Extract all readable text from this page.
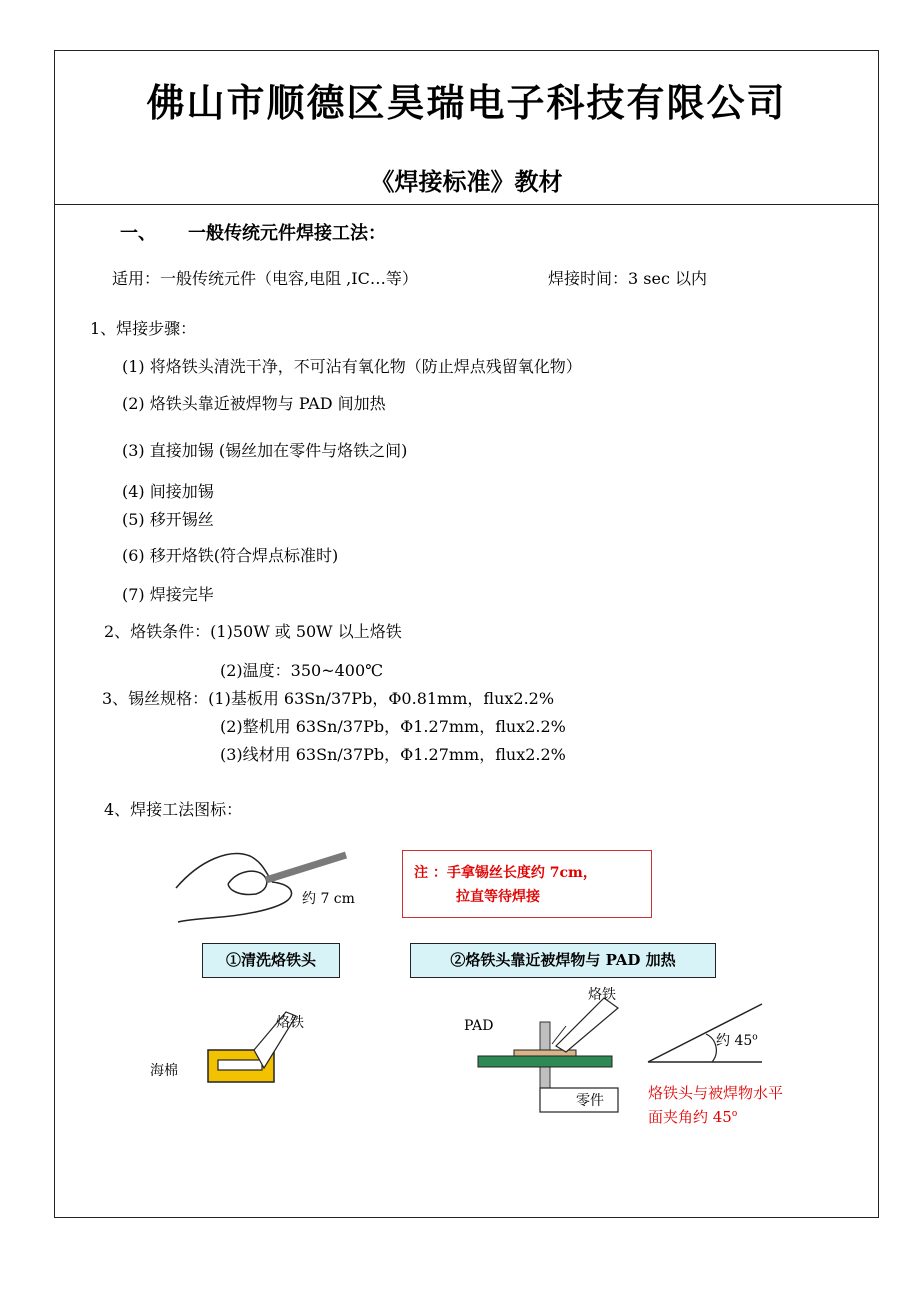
佛山市顺德区昊瑞电子科技有限公司
《焊接标准》教材
一、 一般传统元件焊接工法：
适用：一般传统元件（电容,电阻 ,IC…等）	焊接时间：3 sec 以内
1、焊接步骤：
(1) 将烙铁头清洗干净，不可沾有氧化物（防止焊点残留氧化物）
(2) 烙铁头靠近被焊物与 PAD 间加热
(3) 直接加锡 (锡丝加在零件与烙铁之间)
(4) 间接加锡
(5) 移开锡丝
(6) 移开烙铁(符合焊点标准时)
(7) 焊接完毕
2、烙铁条件：(1)50W 或 50W 以上烙铁
(2)温度：350~400℃
3、锡丝规格：(1)基板用 63Sn/37Pb，Φ0.81mm，flux2.2%
(2)整机用 63Sn/37Pb，Φ1.27mm，flux2.2%
(3)线材用 63Sn/37Pb，Φ1.27mm，flux2.2%
4、焊接工法图标：
约 7 cm
注 ：手拿锡丝长度约 7cm，
拉直等待焊接
①清洗烙铁头	②烙铁头靠近被焊物与 PAD 加热
烙铁
海棉
烙铁
PAD
零件
约 45$^o$
烙铁头与被焊物水平
面夹角约 45$^o$
